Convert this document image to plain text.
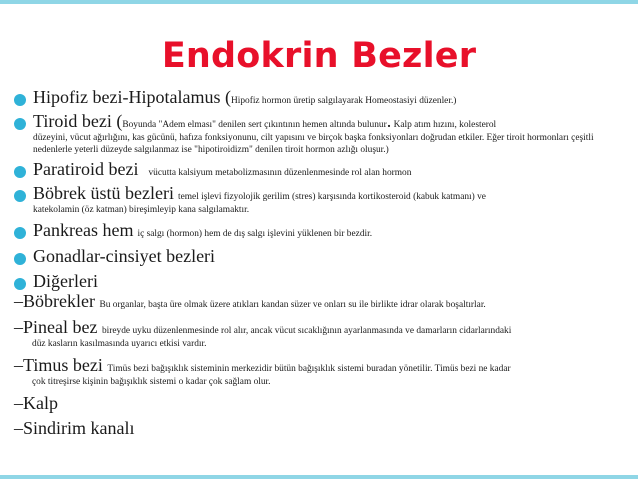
Endokrin Bezler
Hipofiz bezi-Hipotalamus (Hipofiz hormon üretip salgılayarak Homeostasiyi düzenler.)
Tiroid bezi (Boyunda "Adem elması" denilen sert çıkıntının hemen altında bulunur. Kalp atım hızını, kolesterol
düzeyini, vücut ağırlığını, kas gücünü, hafıza fonksiyonunu, cilt yapısını ve birçok başka fonksiyonları doğrudan etkiler. Eğer tiroit hormonları çeşitli nedenlerle yeterli düzeyde salgılanmaz ise "hipotiroidizm" denilen tiroit hormon azlığı oluşur.)
Paratiroid bezi vücutta kalsiyum metabolizmasının düzenlenmesinde rol alan hormon
Böbrek üstü bezleri temel işlevi fizyolojik gerilim (stres) karşısında kortikosteroid (kabuk katmanı) ve
katekolamin (öz katman) bireşimleyip kana salgılamaktır.
Pankreas hem iç salgı (hormon) hem de dış salgı işlevini yüklenen bir bezdir.
Gonadlar-cinsiyet bezleri
Diğerleri
–Böbrekler Bu organlar, başta üre olmak üzere atıkları kandan süzer ve onları su ile birlikte idrar olarak boşaltırlar.
–Pineal bez bireyde uyku düzenlenmesinde rol alır, ancak vücut sıcaklığının ayarlanmasında ve damarların cidarlarındaki
düz kasların kasılmasında uyarıcı etkisi vardır.
–Timus bezi Timüs bezi bağışıklık sisteminin merkezidir bütün bağışıklık sistemi buradan yönetilir. Timüs bezi ne kadar
çok titreşirse kişinin bağışıklık sistemi o kadar çok sağlam olur.
–Kalp
–Sindirim kanalı
